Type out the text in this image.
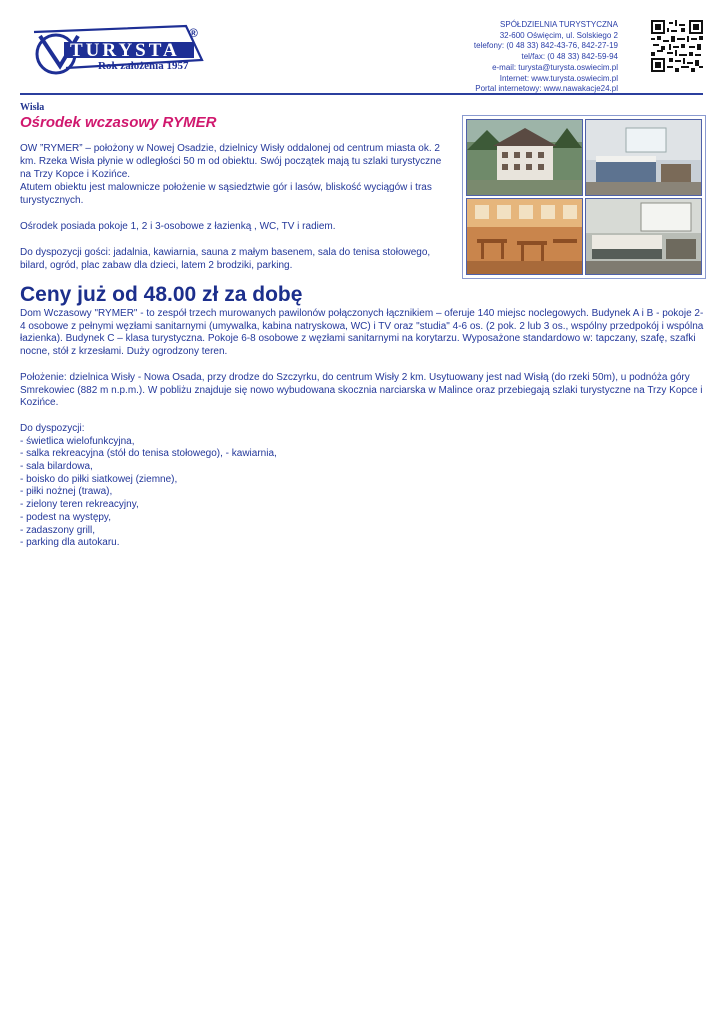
TURYSTA
®
Rok założenia 1957
SPÓŁDZIELNIA TURYSTYCZNA
32-600 Oświęcim, ul. Solskiego 2
telefony: (0 48 33) 842-43-76, 842-27-19
tel/fax: (0 48 33) 842-59-94
e-mail: turysta@turysta.oswiecim.pl
Internet: www.turysta.oswiecim.pl
Portal internetowy: www.nawakacje24.pl
Wisła
Ośrodek wczasowy RYMER

OW ”RYMER” – położony w Nowej Osadzie, dzielnicy Wisły oddalonej od centrum miasta ok. 2 km. Rzeka Wisła płynie w odległości 50 m od obiektu. Swój początek mają tu szlaki turystyczne na Trzy Kopce i Kozińce.
Atutem obiektu jest malownicze położenie w sąsiedztwie gór i lasów, bliskość wyciągów i tras turystycznych.

Ośrodek posiada pokoje 1, 2 i 3-osobowe z łazienką , WC, TV i radiem.

Do dyspozycji gości: jadalnia, kawiarnia, sauna z małym basenem, sala do tenisa stołowego, bilard, ogród, plac zabaw dla dzieci, latem 2 brodziki, parking.

Ceny już od 48.00 zł za dobę

Dom Wczasowy "RYMER" - to zespół trzech murowanych pawilonów połączonych łącznikiem – oferuje 140 miejsc noclegowych. Budynek A i B - pokoje 2-4 osobowe z pełnymi węzłami sanitarnymi (umywalka, kabina natryskowa, WC) i TV oraz "studia" 4-6 os. (2 pok. 2 lub 3 os., wspólny przedpokój i wspólna łazienka). Budynek C – klasa turystyczna. Pokoje 6-8 osobowe z węzłami sanitarnymi na korytarzu. Wyposażone standardowo w: tapczany, szafę, szafki nocne, stół z krzesłami. Duży ogrodzony teren.

Położenie: dzielnica Wisły - Nowa Osada, przy drodze do Szczyrku, do centrum Wisły 2 km. Usytuowany jest nad Wisłą (do rzeki 50m), u podnóża góry Smrekowiec (882 m n.p.m.). W pobliżu znajduje się nowo wybudowana skocznia narciarska w Malince oraz przebiegają szlaki turystyczne na Trzy Kopce i Kozińce.

Do dyspozycji:
- świetlica wielofunkcyjna,
- salka rekreacyjna (stół do tenisa stołowego), - kawiarnia,
- sala bilardowa,
- boisko do piłki siatkowej (ziemne),
- piłki nożnej (trawa),
- zielony teren rekreacyjny,
- podest na występy,
- zadaszony grill,
- parking dla autokaru.
